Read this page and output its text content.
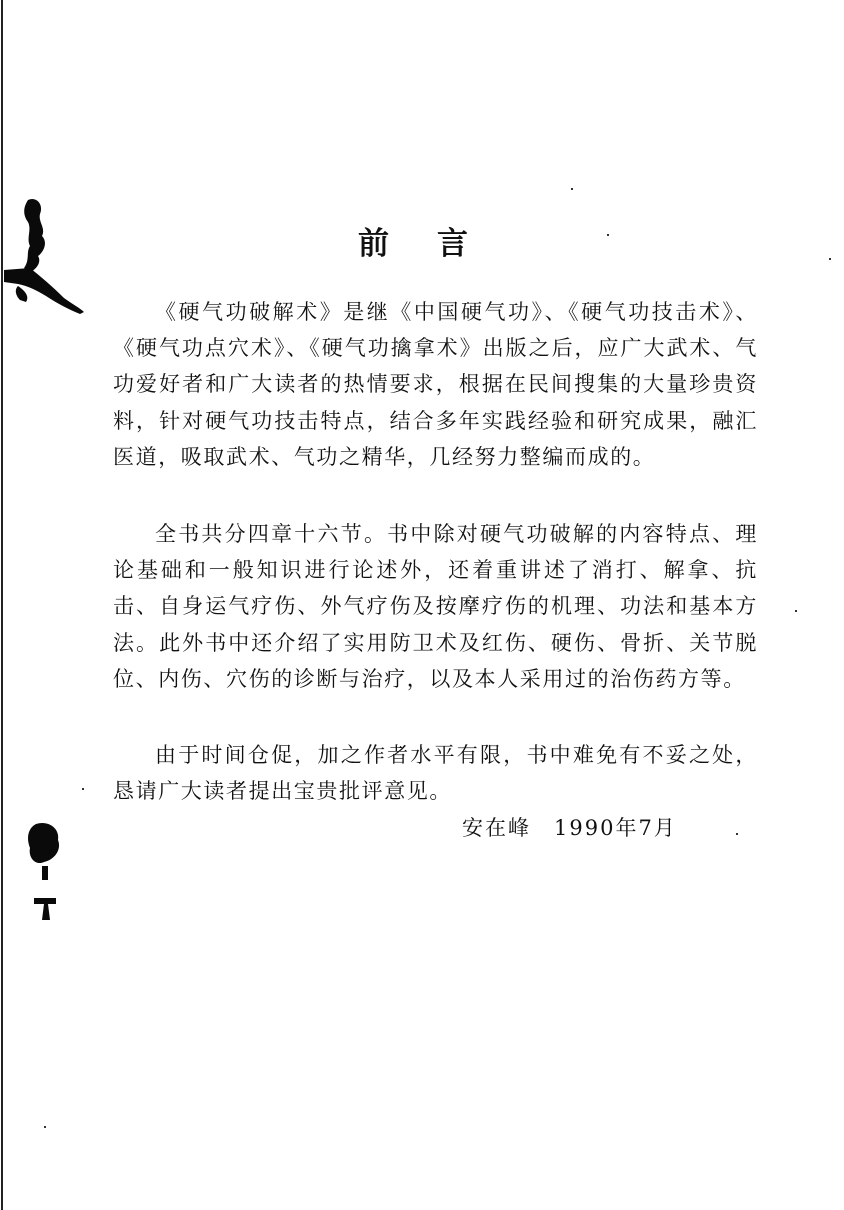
前言

《硬气功破解术》是继《中国硬气功》、《硬气功技击术》、《硬气功点穴术》、《硬气功擒拿术》出版之后，应广大武术、气功爱好者和广大读者的热情要求，根据在民间搜集的大量珍贵资料，针对硬气功技击特点，结合多年实践经验和研究成果，融汇医道，吸取武术、气功之精华，几经努力整编而成的。

全书共分四章十六节。书中除对硬气功破解的内容特点、理论基础和一般知识进行论述外，还着重讲述了消打、解拿、抗击、自身运气疗伤、外气疗伤及按摩疗伤的机理、功法和基本方法。此外书中还介绍了实用防卫术及红伤、硬伤、骨折、关节脱位、内伤、穴伤的诊断与治疗，以及本人采用过的治伤药方等。

由于时间仓促，加之作者水平有限，书中难免有不妥之处，恳请广大读者提出宝贵批评意见。

安在峰　1990年7月
